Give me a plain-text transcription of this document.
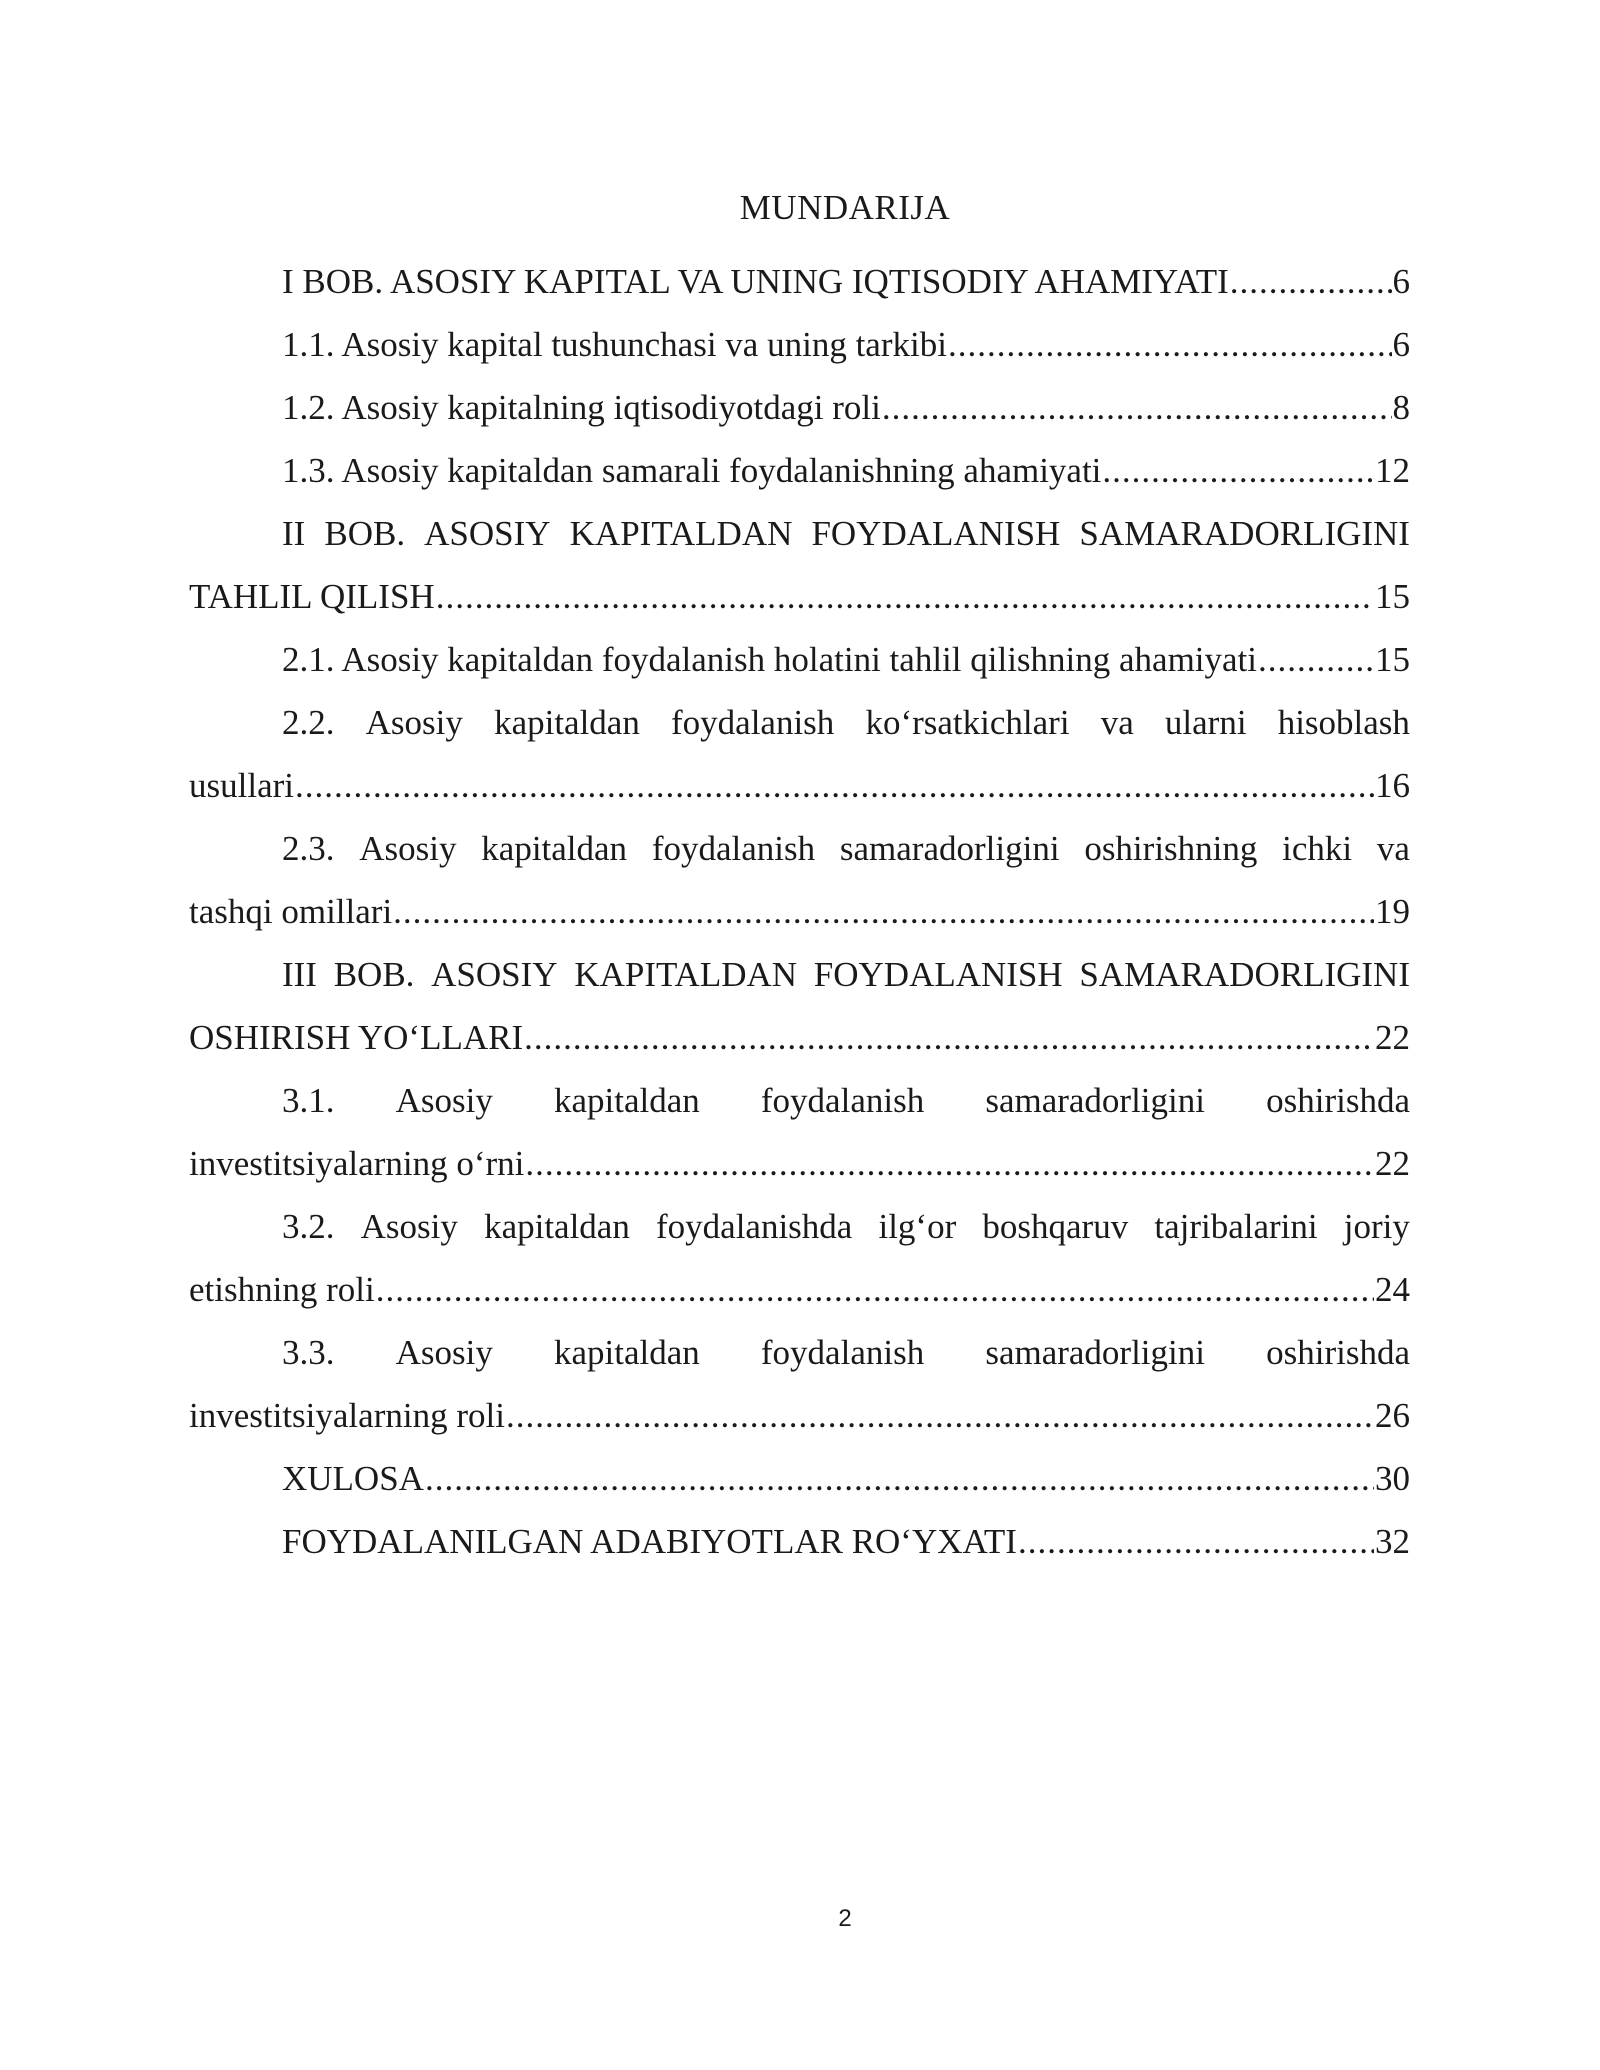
MUNDARIJA
I BOB. ASOSIY KAPITAL VA UNING IQTISODIY AHAMIYATI .....	6
1.1. Asosiy kapital tushunchasi va uning tarkibi .....	6
1.2. Asosiy kapitalning iqtisodiyotdagi roli .....	8
1.3. Asosiy kapitaldan samarali foydalanishning ahamiyati .....	12
II BOB. ASOSIY KAPITALDAN FOYDALANISH SAMARADORLIGINI
TAHLIL QILISH .....	15
2.1. Asosiy kapitaldan foydalanish holatini tahlil qilishning ahamiyati .....	15
2.2. Asosiy kapitaldan foydalanish ko‘rsatkichlari va ularni hisoblash
usullari .....	16
2.3. Asosiy kapitaldan foydalanish samaradorligini oshirishning ichki va
tashqi omillari .....	19
III BOB. ASOSIY KAPITALDAN FOYDALANISH SAMARADORLIGINI
OSHIRISH YO‘LLARI .....	22
3.1. Asosiy kapitaldan foydalanish samaradorligini oshirishda
investitsiyalarning o‘rni .....	22
3.2. Asosiy kapitaldan foydalanishda ilg‘or boshqaruv tajribalarini joriy
etishning roli .....	24
3.3. Asosiy kapitaldan foydalanish samaradorligini oshirishda
investitsiyalarning roli .....	26
XULOSA .....	30
FOYDALANILGAN ADABIYOTLAR RO‘YXATI .....	32
2
